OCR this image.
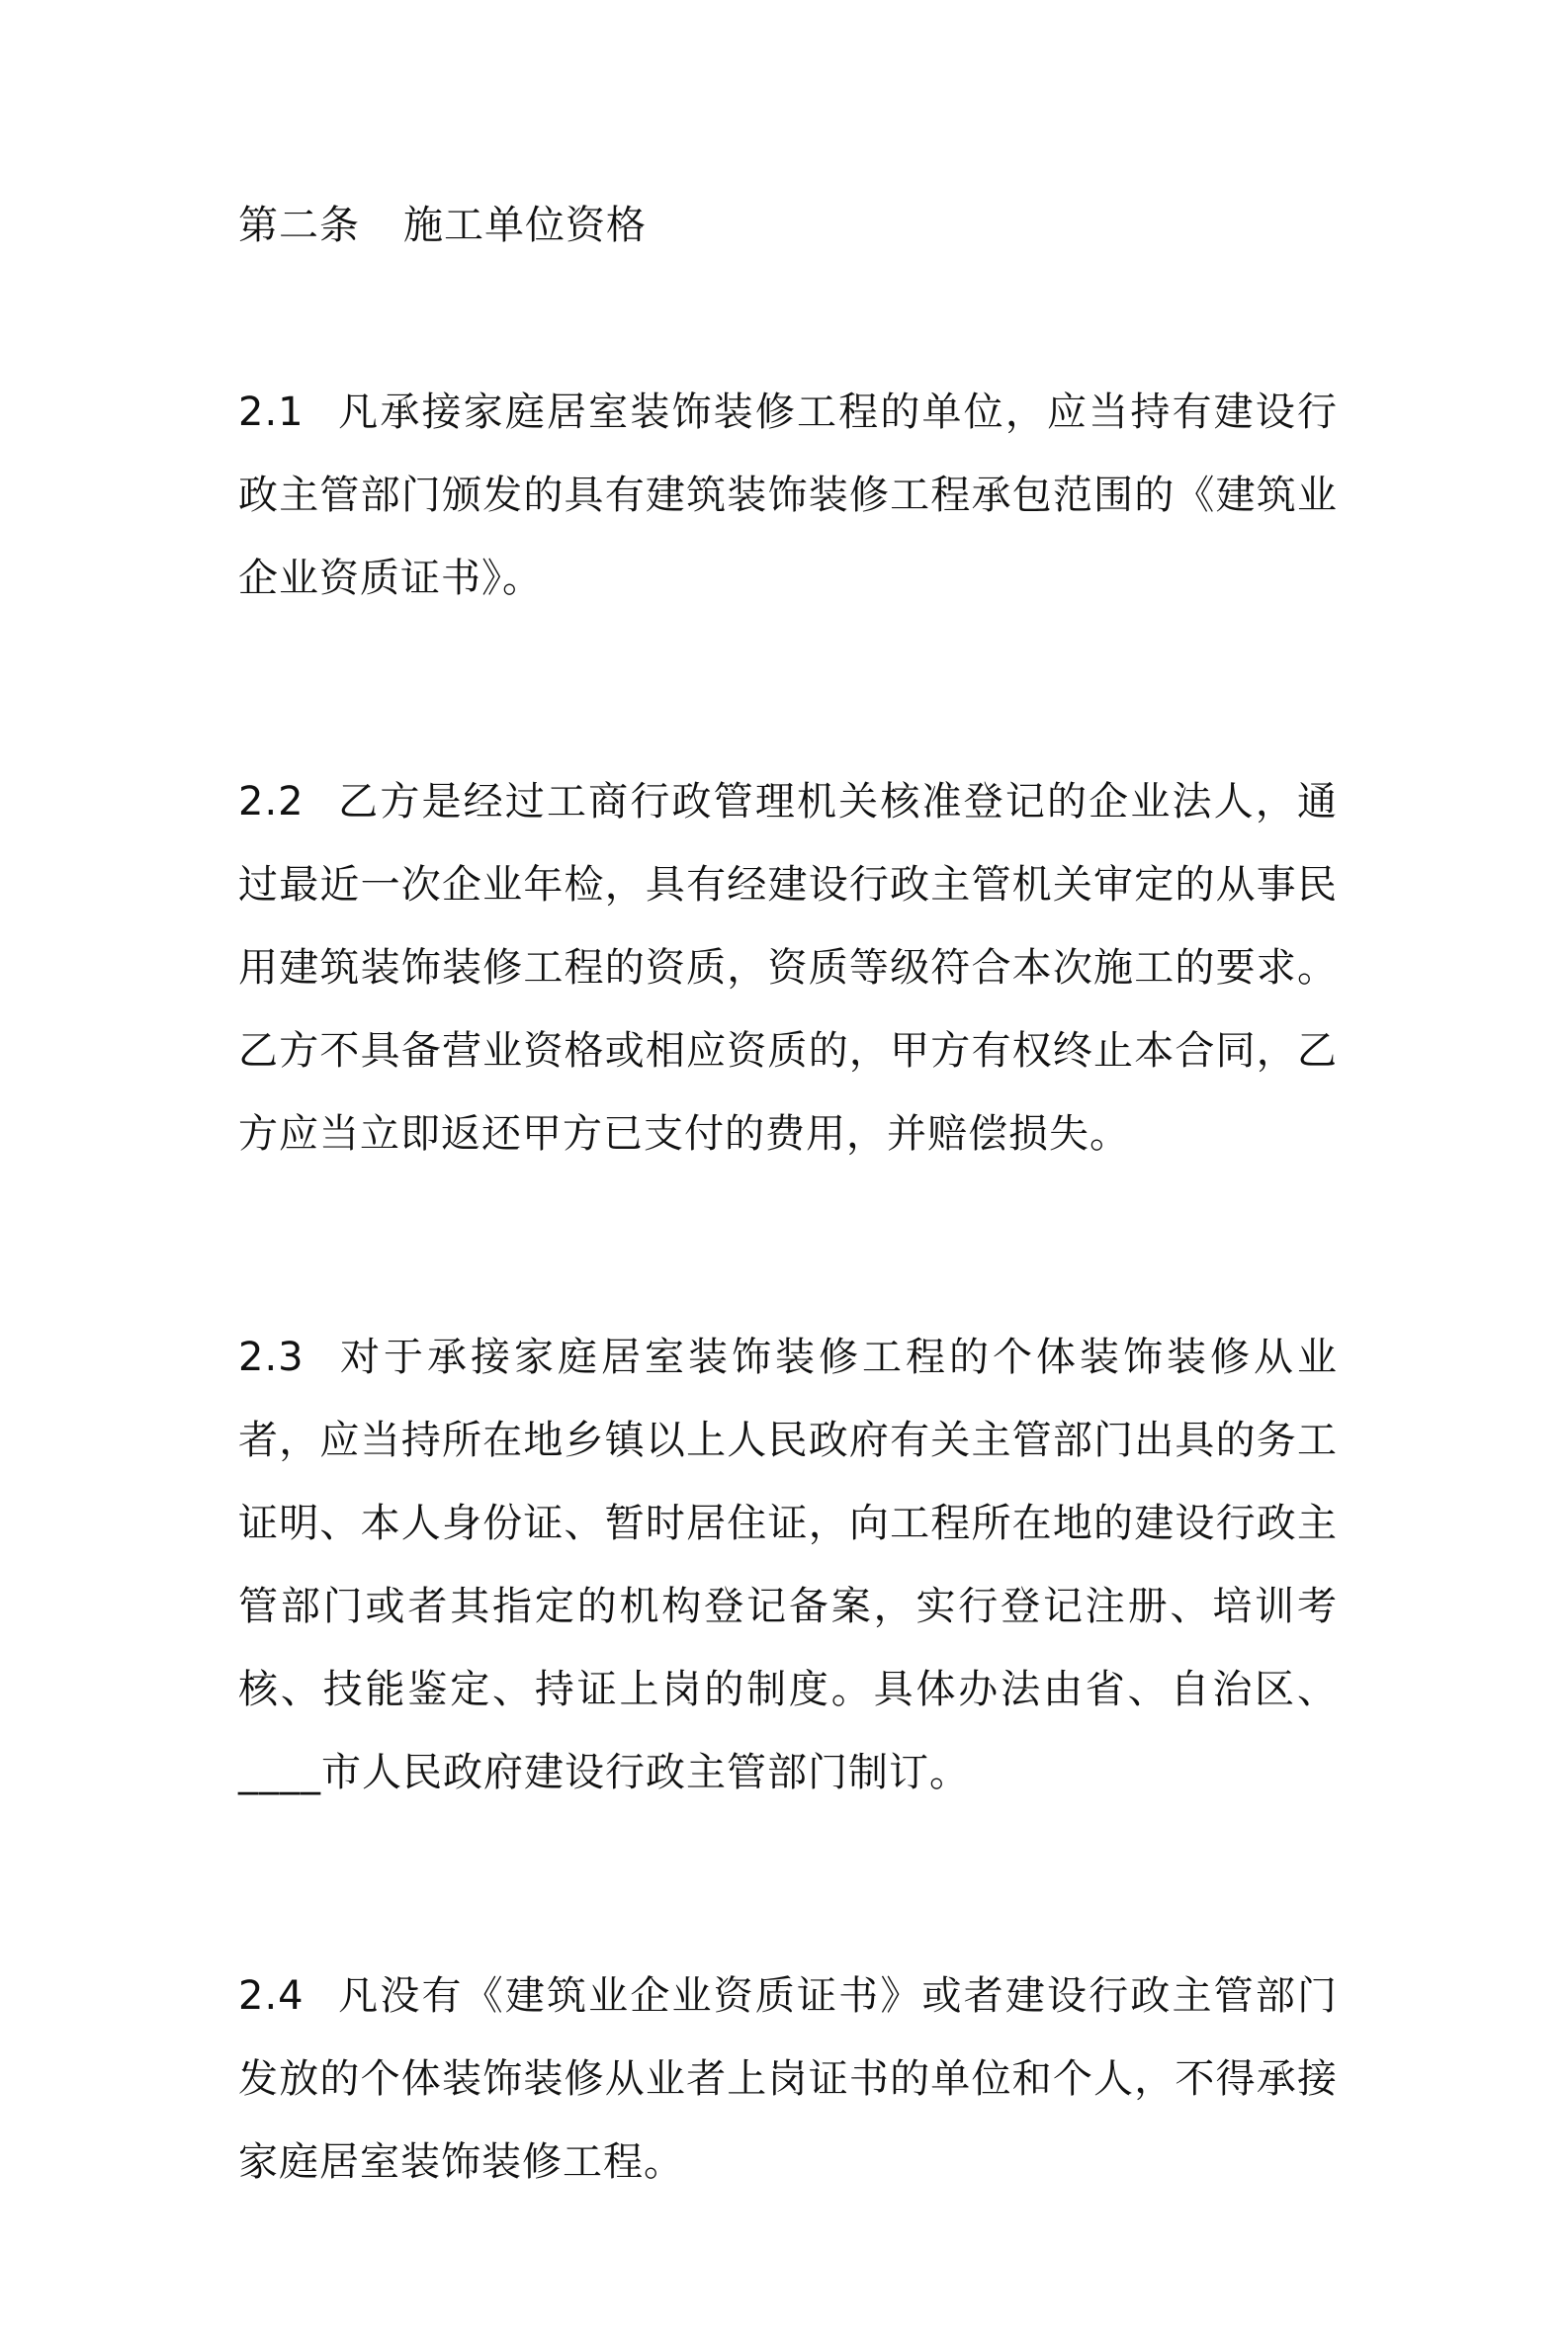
第二条 施工单位资格

2.1 凡承接家庭居室装饰装修工程的单位，应当持有建设行政主管部门颁发的具有建筑装饰装修工程承包范围的《建筑业企业资质证书》。

2.2 乙方是经过工商行政管理机关核准登记的企业法人，通过最近一次企业年检，具有经建设行政主管机关审定的从事民用建筑装饰装修工程的资质，资质等级符合本次施工的要求。乙方不具备营业资格或相应资质的，甲方有权终止本合同，乙方应当立即返还甲方已支付的费用，并赔偿损失。

2.3 对于承接家庭居室装饰装修工程的个体装饰装修从业者，应当持所在地乡镇以上人民政府有关主管部门出具的务工证明、本人身份证、暂时居住证，向工程所在地的建设行政主管部门或者其指定的机构登记备案，实行登记注册、培训考核、技能鉴定、持证上岗的制度。具体办法由省、自治区、____市人民政府建设行政主管部门制订。

2.4 凡没有《建筑业企业资质证书》或者建设行政主管部门发放的个体装饰装修从业者上岗证书的单位和个人，不得承接家庭居室装饰装修工程。
